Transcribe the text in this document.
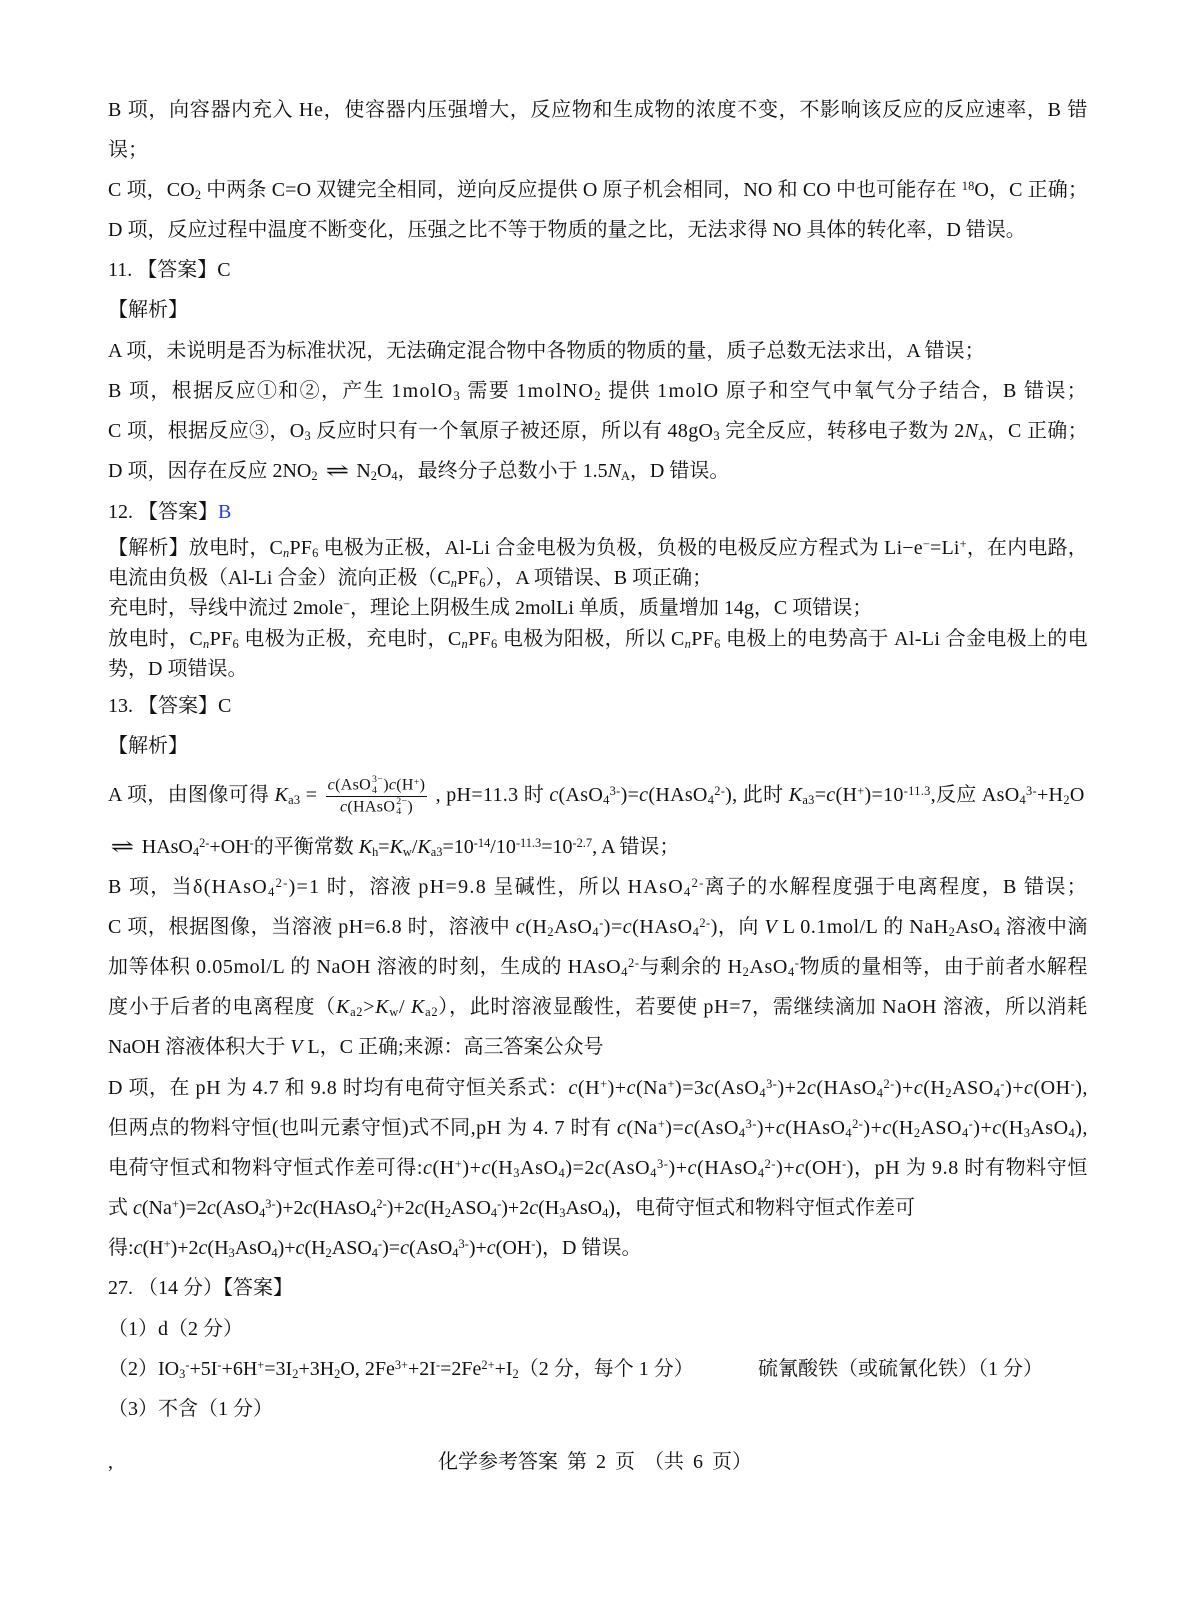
B 项，向容器内充入 He，使容器内压强增大，反应物和生成物的浓度不变，不影响该反应的反应速率，B 错
误；
C 项，$CO_2$ 中两条 C=O 双键完全相同，逆向反应提供 O 原子机会相同，NO 和 CO 中也可能存在 $^{18}$O，C 正确；
D 项，反应过程中温度不断变化，压强之比不等于物质的量之比，无法求得 NO 具体的转化率，D 错误。
11. 【答案】C
【解析】
A 项，未说明是否为标准状况，无法确定混合物中各物质的物质的量，质子总数无法求出，A 错误；
B 项，根据反应①和②，产生 1molO$_3$ 需要 1molNO$_2$ 提供 1molO 原子和空气中氧气分子结合，B 错误；
C 项，根据反应③，$O_3$ 反应时只有一个氧原子被还原，所以有 $48gO_3$ 完全反应，转移电子数为 $2N_A$，C 正确；
D 项，因存在反应 $2NO_2$ ⇌ $N_2O_4$，最终分子总数小于 $1.5N_A$，D 错误。
12. 【答案】B
【解析】放电时，$C_nPF_6$ 电极为正极，Al-Li 合金电极为负极，负极的电极反应方程式为 Li−e−=Li+，在内电路，
电流由负极（Al-Li 合金）流向正极$(C_nPF_6)$，A 项错误、B 项正确；
充电时，导线中流过 2mole−，理论上阴极生成 2molLi 单质，质量增加 14g，C 项错误；
放电时，$C_nPF_6$ 电极为正极，充电时，$C_nPF_6$ 电极为阳极，所以 $C_nPF_6$ 电极上的电势高于 Al-Li 合金电极上的电
势，D 项错误。
13. 【答案】C
【解析】
A 项，由图像可得 $K_{a3} = c(AsO$ 3−
4 )c(H+)
c(HAsO 2−
4 ) , pH=11.3 时 c(AsO$_4^{3-}$)=c(HAsO$_4^{2-}$), 此时 $K_{a3}=c(H^+)=10^{-11.3}$,反应 $AsO_4^{3-}+H_2O$
⇌ HAsO$_4^{2-}$+OH-的平衡常数 $K_h=K_w/K_{a3}=10^{-14}/10^{-11.3}=10^{-2.7}$, A 错误；
B 项，当δ(HAsO$_4^{2-}$)=1 时，溶液 pH=9.8 呈碱性，所以 HAsO$_4^{2-}$离子的水解程度强于电离程度，B 错误；
C 项，根据图像，当溶液 pH=6.8 时，溶液中 $c(H_2AsO_4^-)=c(HAsO_4^{2-})$，向 V L 0.1mol/L 的 NaH$_2$AsO$_4$ 溶液中滴
加等体积 0.05mol/L 的 NaOH 溶液的时刻，生成的 HAsO$_4^{2-}$与剩余的 $H_2AsO_4^-$物质的量相等，由于前者水解程
度小于后者的电离程度（$K_{a2}>K_w/$ $K_{a2}$），此时溶液显酸性，若要使 pH=7，需继续滴加 NaOH 溶液，所以消耗
NaOH 溶液体积大于 V L，C 正确;来源：高三答案公众号
D 项，在 pH 为 4.7 和 9.8 时均有电荷守恒关系式：$c(H^+)+c(Na^+)=3c(AsO_4^{3-})+2c(HAsO_4^{2-})+c(H_2ASO_4^-)+c(OH^-)$,
但两点的物料守恒(也叫元素守恒)式不同,pH 为 4. 7 时有 $c(Na^+)=c(AsO_4^{3-})+c(HAsO_4^{2-})+c(H_2ASO_4^-)+c(H_3AsO_4)$,
电荷守恒式和物料守恒式作差可得$:c(H^+)+c(H_3AsO_4)=2c(AsO_4^{3-})+c(HAsO_4^{2-})+c(OH^-)$，pH 为 9.8 时有物料守恒
式 $c(Na^+)=2c(AsO_4^{3-})+2c(HAsO_4^{2-})+2c(H_2ASO_4^-)+2c(H_3AsO_4)$，电荷守恒式和物料守恒式作差可
得$:c(H^+)+2c(H_3AsO_4)+c(H_2ASO_4^-)=c(AsO_4^{3-})+c(OH^-)$，D 错误。
27. （14 分）【答案】
（1）d（2 分）
$(2)IO_3^-+5I^-+6H^+=3I_2+3H_2O$, $2Fe^{3+}+2I^-=2Fe^{2+}+I_2(2$ 分，每个 1 分）	硫氰酸铁（或硫氰化铁）（1 分）
（3）不含（1 分）
,	化学参考答案 第 2 页 （共 6 页）
